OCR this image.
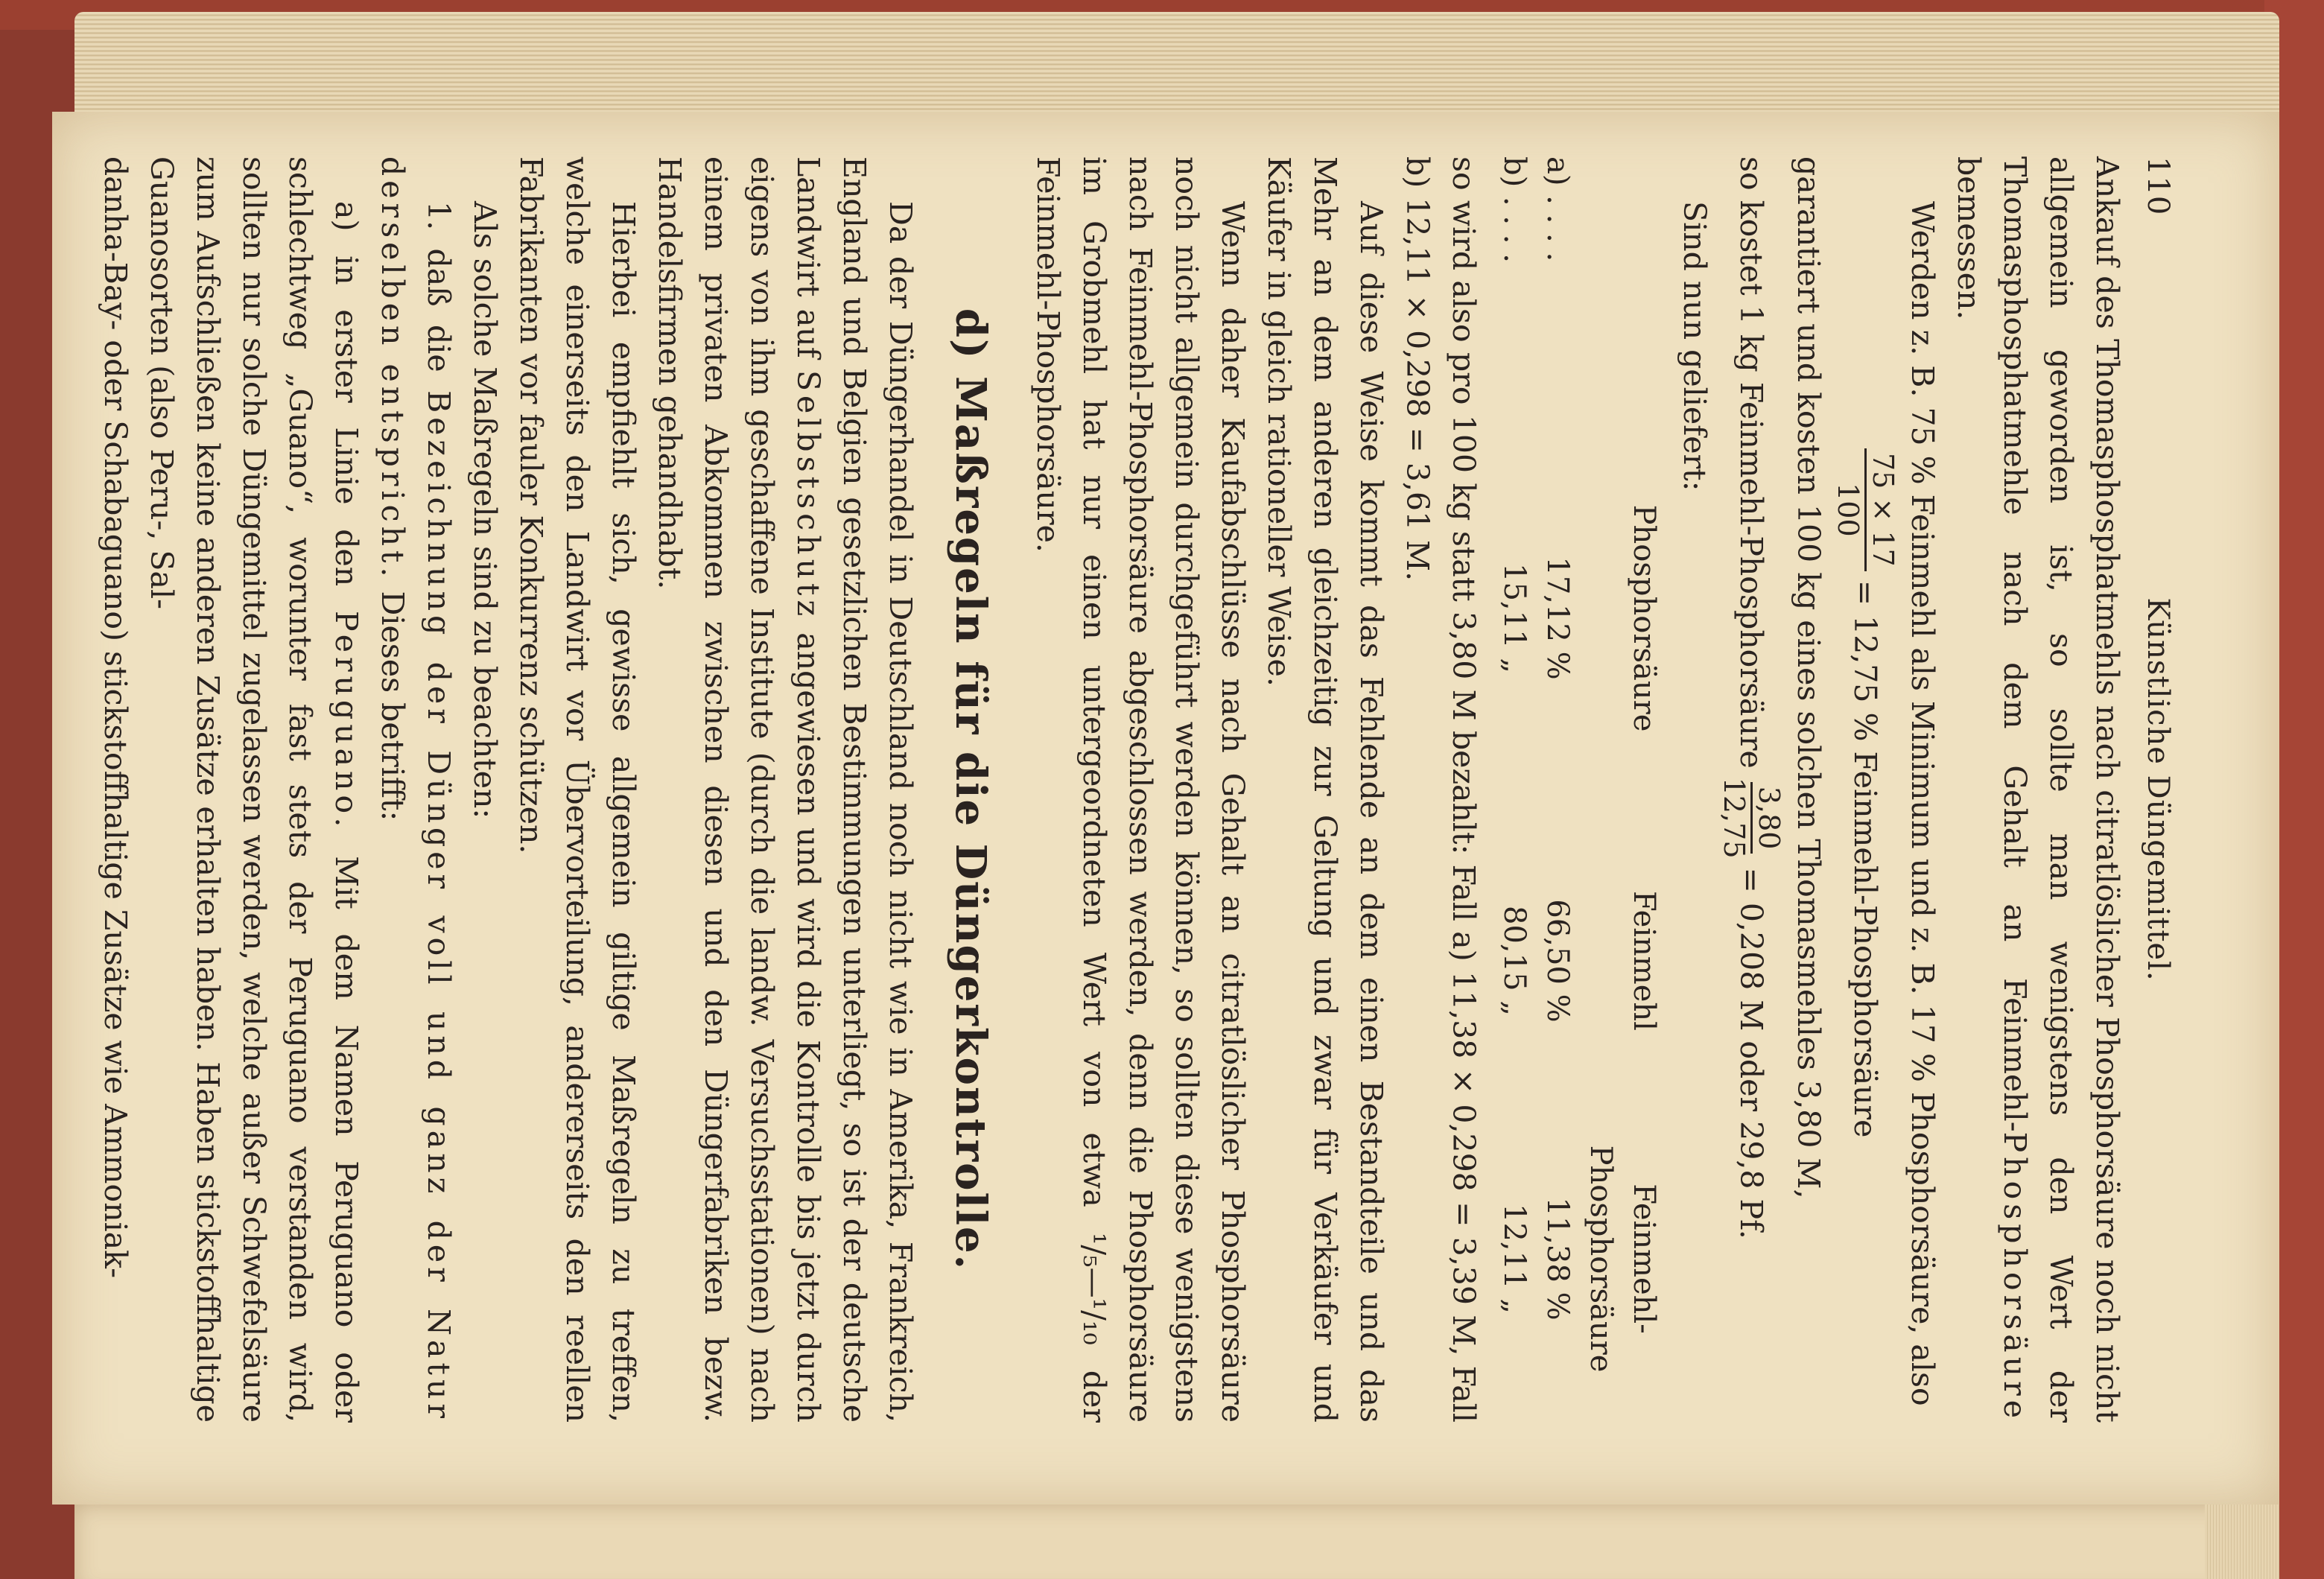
110
Künstliche Düngemittel.

Ankauf des Thomasphosphatmehls nach citratlöslicher Phosphorsäure noch nicht allgemein geworden ist, so sollte man wenigstens den Wert der Thomasphosphatmehle nach dem Gehalt an Feinmehl-Phosphorsäure bemessen.

Werden z. B. 75 % Feinmehl als Minimum und z. B. 17 % Phosphorsäure, also

75 × 17
100
= 12,75 % Feinmehl-Phosphorsäure

garantiert und kosten 100 kg eines solchen Thomasmehles 3,80 M,

so kostet 1 kg Feinmehl-Phosphorsäure
3,80
12,75
= 0,208 M oder 29,8 Pf.

Sind nun geliefert:

Phosphorsäure
Feinmehl
Feinmehl-Phosphorsäure
a) . . . .
17,12 %
66,50 %
11,38 %
b) . . . .
15,11 „
80,15 „
12,11 „

so wird also pro 100 kg statt 3,80 M bezahlt: Fall a) 11,38 × 0,298 = 3,39 M, Fall b) 12,11 × 0,298 = 3,61 M.

Auf diese Weise kommt das Fehlende an dem einen Bestandteile und das Mehr an dem anderen gleichzeitig zur Geltung und zwar für Verkäufer und Käufer in gleich rationeller Weise.

Wenn daher Kaufabschlüsse nach Gehalt an citratlöslicher Phosphorsäure noch nicht allgemein durchgeführt werden können, so sollten diese wenigstens nach Feinmehl-Phosphorsäure abgeschlossen werden, denn die Phosphorsäure im Grobmehl hat nur einen untergeordneten Wert von etwa ¹/₅—¹/₁₀ der Feinmehl-Phosphorsäure.

d) Maßregeln für die Düngerkontrolle.

Da der Düngerhandel in Deutschland noch nicht wie in Amerika, Frankreich, England und Belgien gesetzlichen Bestimmungen unterliegt, so ist der deutsche Landwirt auf Selbstschutz angewiesen und wird die Kontrolle bis jetzt durch eigens von ihm geschaffene Institute (durch die landw. Versuchsstationen) nach einem privaten Abkommen zwischen diesen und den Düngerfabriken bezw. Handelsfirmen gehandhabt.

Hierbei empfiehlt sich, gewisse allgemein giltige Maßregeln zu treffen, welche einerseits den Landwirt vor Übervorteilung, andererseits den reellen Fabrikanten vor fauler Konkurrenz schützen.

Als solche Maßregeln sind zu beachten:

1. daß die Bezeichnung der Dünger voll und ganz der Natur derselben entspricht. Dieses betrifft:

a) in erster Linie den Peruguano. Mit dem Namen Peruguano oder schlechtweg „Guano“, worunter fast stets der Peruguano verstanden wird, sollten nur solche Düngemittel zugelassen werden, welche außer Schwefelsäure zum Aufschließen keine anderen Zusätze erhalten haben. Haben stickstoffhaltige Guanosorten (also Peru-, Sal-

danha-Bay- oder Schabaguano) stickstoffhaltige Zusätze wie Ammoniak-
